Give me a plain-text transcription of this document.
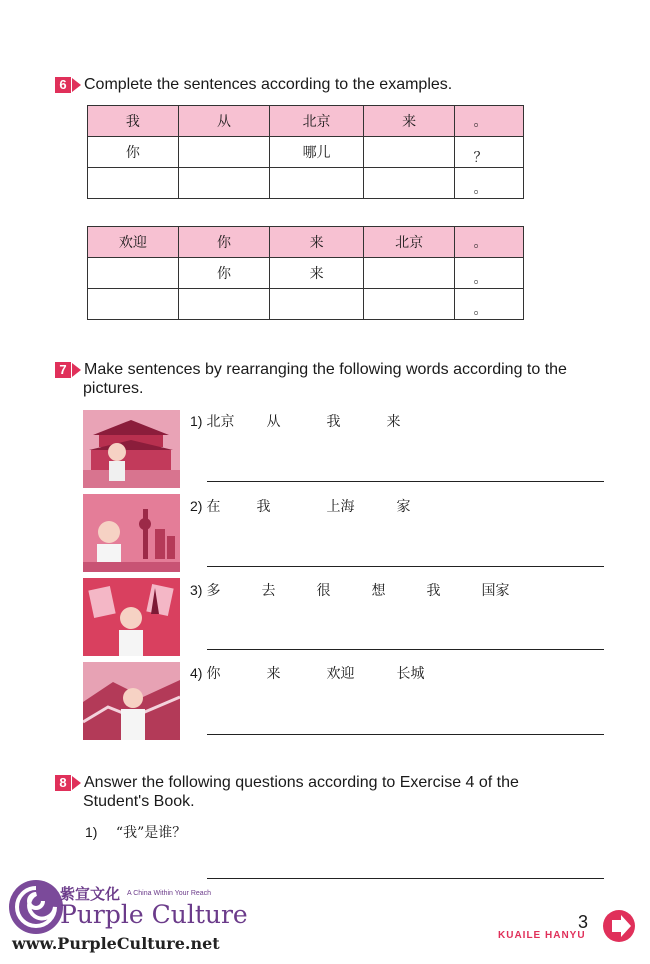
6 Complete the sentences according to the examples.
我	从	北京	来	。
你		哪儿		？
				。
欢迎	你	来	北京	。
	你	来		。
				。
7 Make sentences by rearranging the following words according to the
pictures.
1) 北京 从	我	来
2) 在	我	上海	家
3) 多	去	很	想	我	国家
4) 你	来	欢迎	长城
8 Answer the following questions according to Exercise 4 of the
Student's Book.
1) “我”是谁？
紫宣文化 A China Within Your Reach
Purple Culture
www.PurpleCulture.net
3
KUAILE HANYU
